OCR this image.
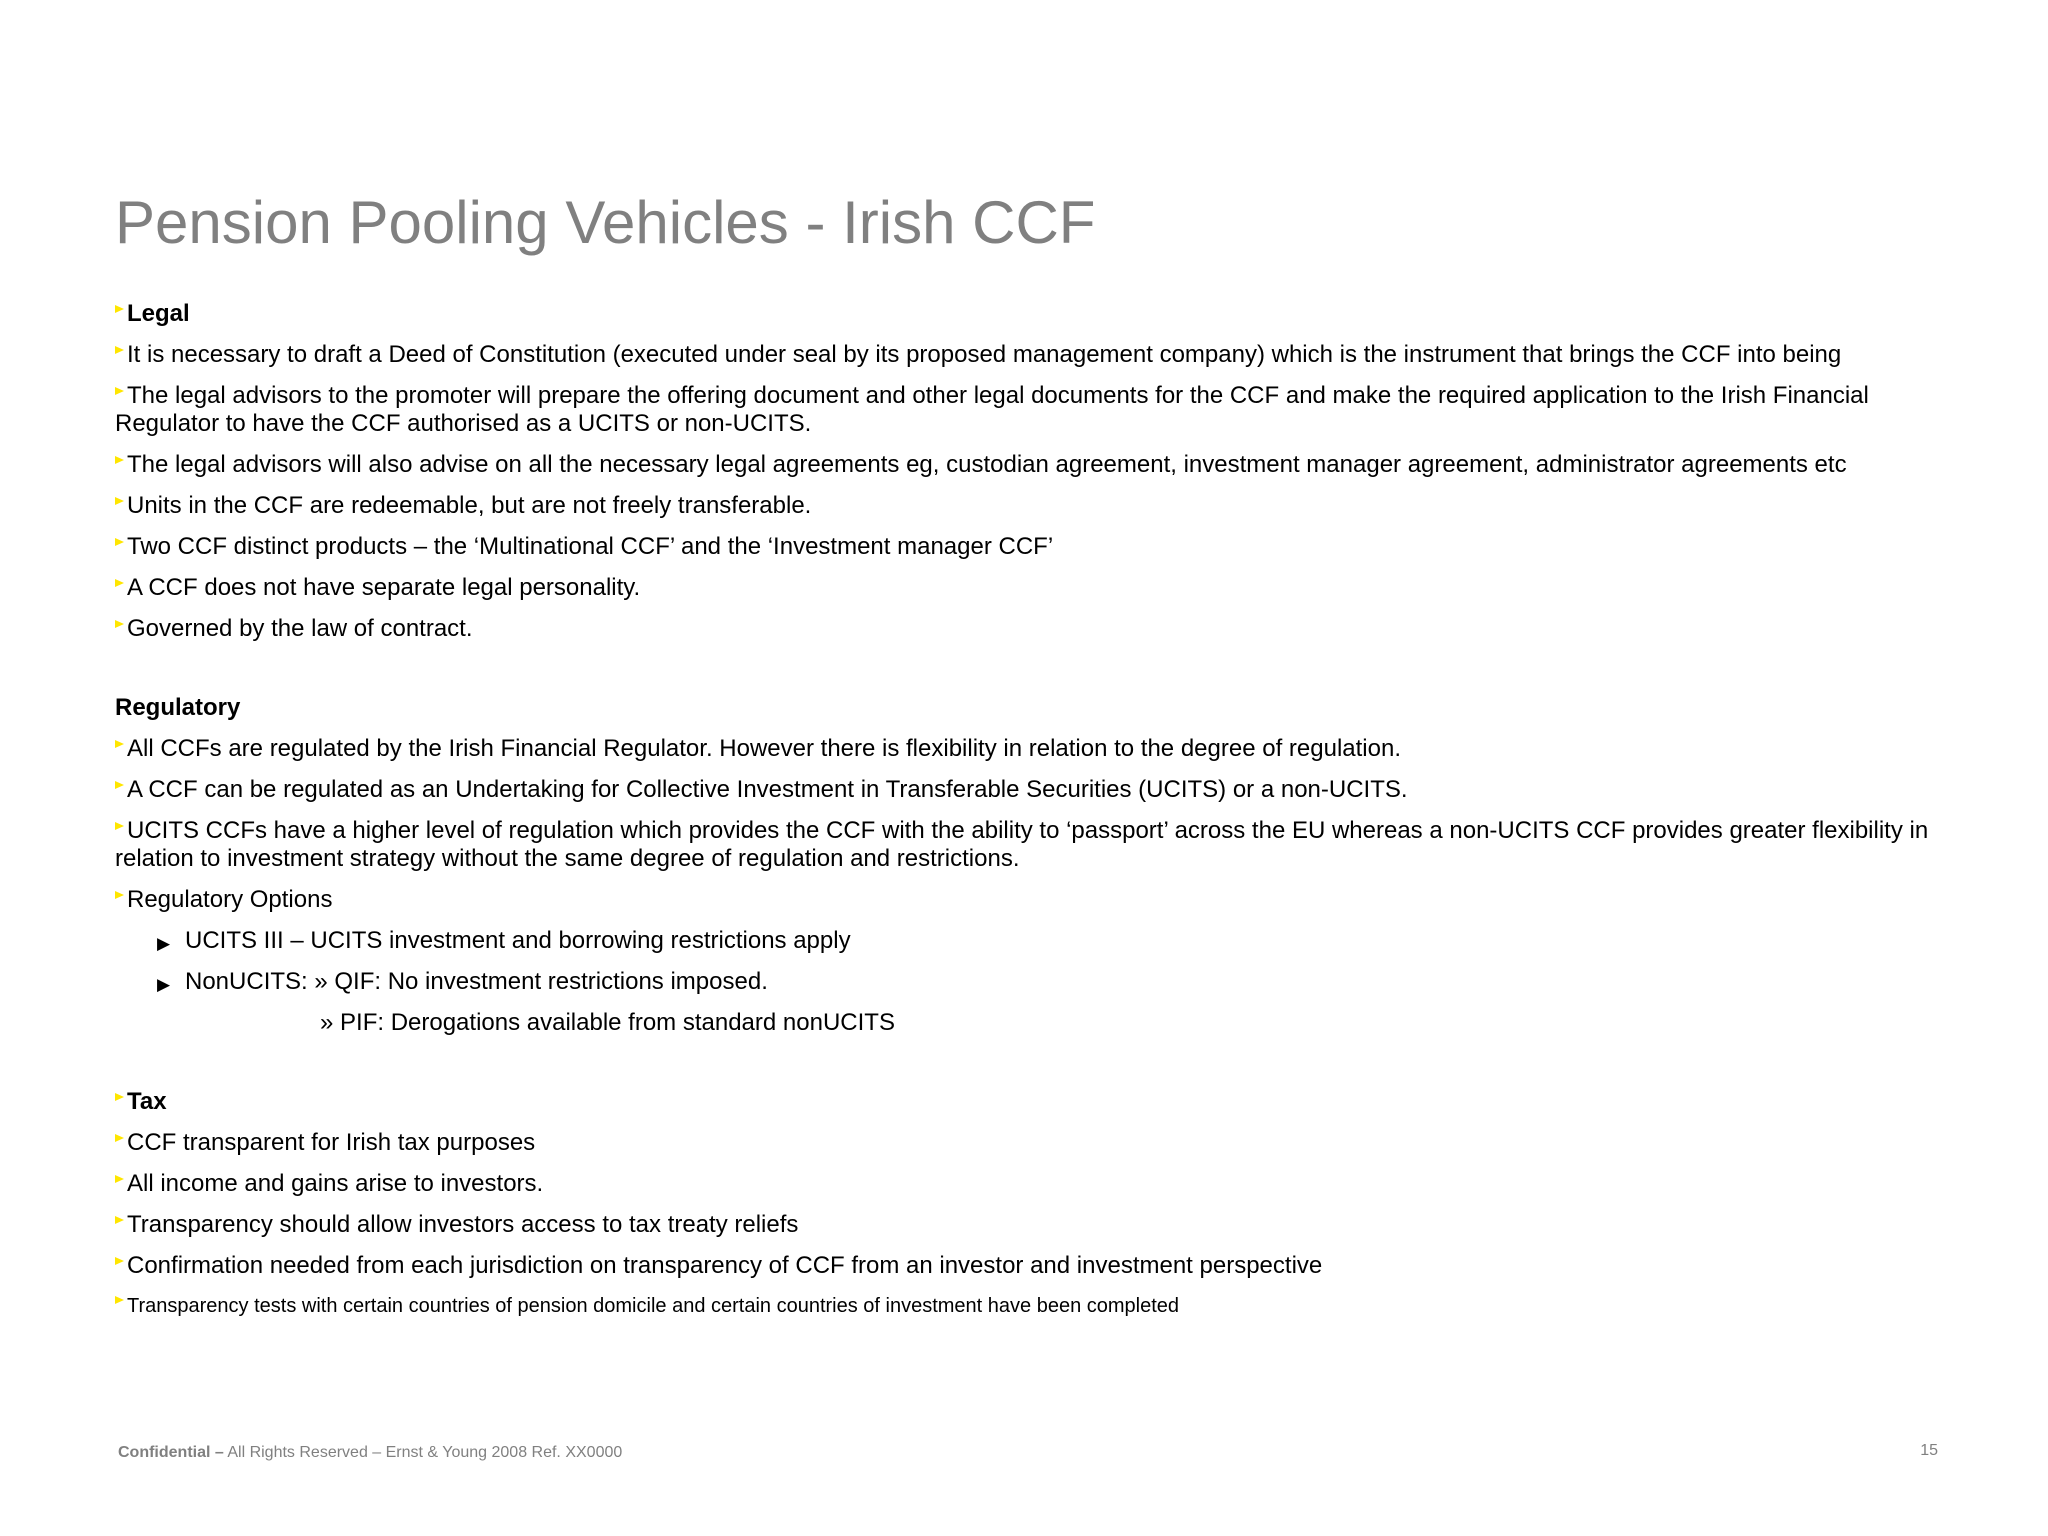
Pension Pooling Vehicles - Irish CCF
Legal
It is necessary to draft a Deed of Constitution (executed under seal by its proposed management company) which is the instrument that brings the CCF into being
The legal advisors to the promoter will prepare the offering document and other legal documents for the CCF and make the required application to the Irish Financial Regulator to have the CCF authorised as a UCITS or non-UCITS.
The legal advisors will also advise on all the necessary legal agreements eg, custodian agreement, investment manager agreement, administrator agreements etc
Units in the CCF are redeemable, but are not freely transferable.
Two CCF distinct products – the ‘Multinational CCF’ and the ‘Investment manager CCF’
A CCF does not have separate legal personality.
Governed by the law of contract.
Regulatory
All CCFs are regulated by the Irish Financial Regulator. However there is flexibility in relation to the degree of regulation.
A CCF can be regulated as an Undertaking for Collective Investment in Transferable Securities (UCITS) or a non-UCITS.
UCITS CCFs have a higher level of regulation which provides the CCF with the ability to ‘passport’ across the EU whereas a non-UCITS CCF provides greater flexibility in relation to investment strategy without the same degree of regulation and restrictions.
Regulatory Options
▶ UCITS III – UCITS investment and borrowing restrictions apply
▶ NonUCITS: » QIF: No investment restrictions imposed.
» PIF: Derogations available from standard nonUCITS
Tax
CCF transparent for Irish tax purposes
All income and gains arise to investors.
Transparency should allow investors access to tax treaty reliefs
Confirmation needed from each jurisdiction on transparency of CCF from an investor and investment perspective
Transparency tests with certain countries of pension domicile and certain countries of investment have been completed
Confidential – All Rights Reserved – Ernst & Young 2008 Ref. XX0000	15
